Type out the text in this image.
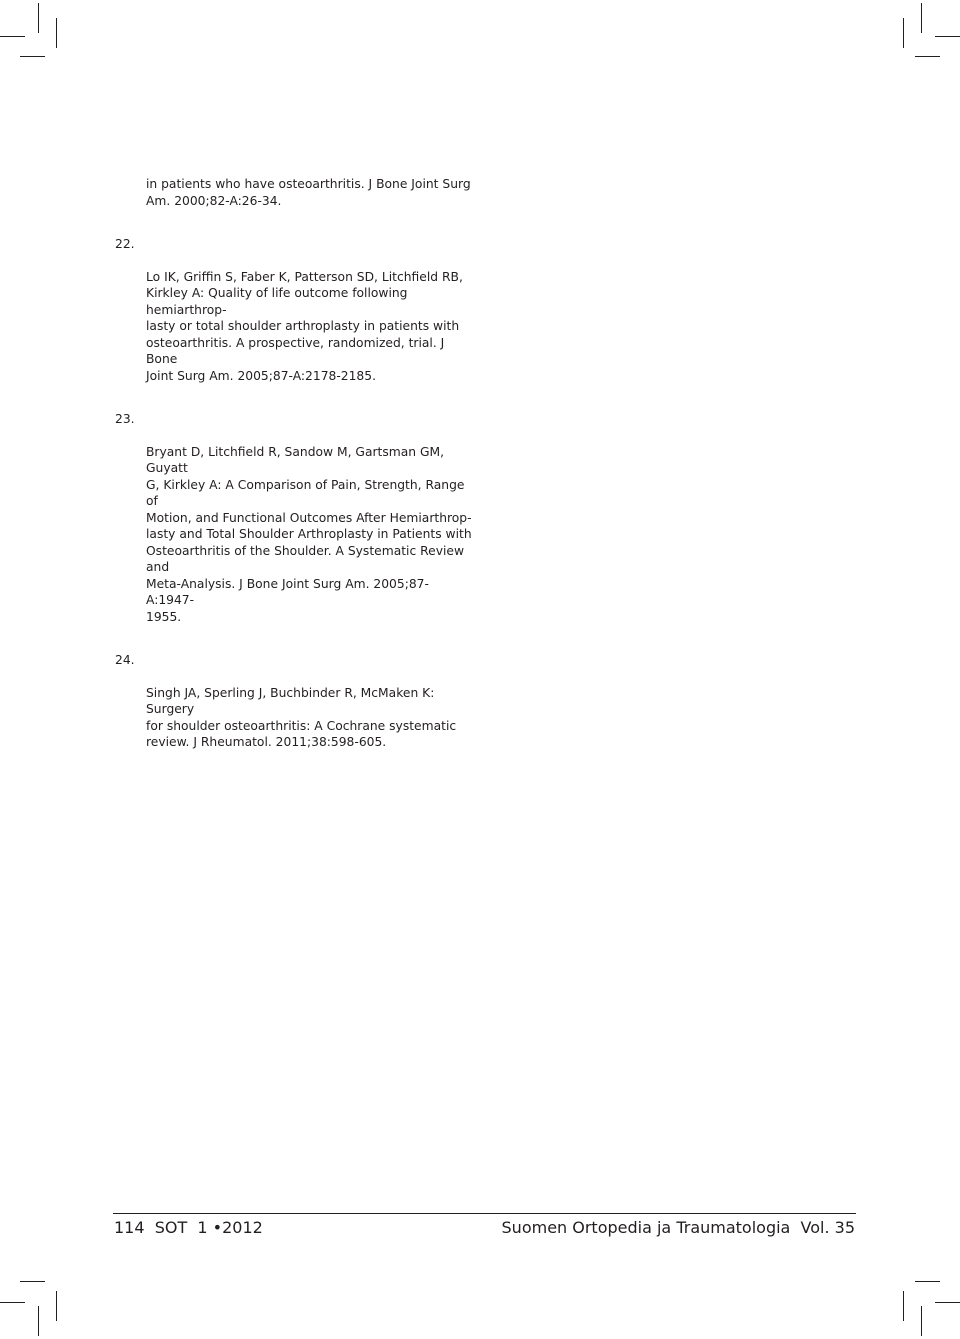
in patients who have osteoarthritis. J Bone Joint Surg
Am. 2000;82-A:26-34.

22.

Lo IK, Griffin S, Faber K, Patterson SD, Litchfield RB,
Kirkley A: Quality of life outcome following hemiarthrop-
lasty or total shoulder arthroplasty in patients with
osteoarthritis. A prospective, randomized, trial. J Bone
Joint Surg Am. 2005;87-A:2178-2185.

23.

Bryant D, Litchfield R, Sandow M, Gartsman GM, Guyatt
G, Kirkley A: A Comparison of Pain, Strength, Range of
Motion, and Functional Outcomes After Hemiarthrop-
lasty and Total Shoulder Arthroplasty in Patients with
Osteoarthritis of the Shoulder. A Systematic Review and
Meta-Analysis. J Bone Joint Surg Am. 2005;87-A:1947-
1955.

24.

Singh JA, Sperling J, Buchbinder R, McMaken K: Surgery
for shoulder osteoarthritis: A Cochrane systematic
review. J Rheumatol. 2011;38:598-605.

114  SOT  1 •2012	Suomen Ortopedia ja Traumatologia  Vol. 35
